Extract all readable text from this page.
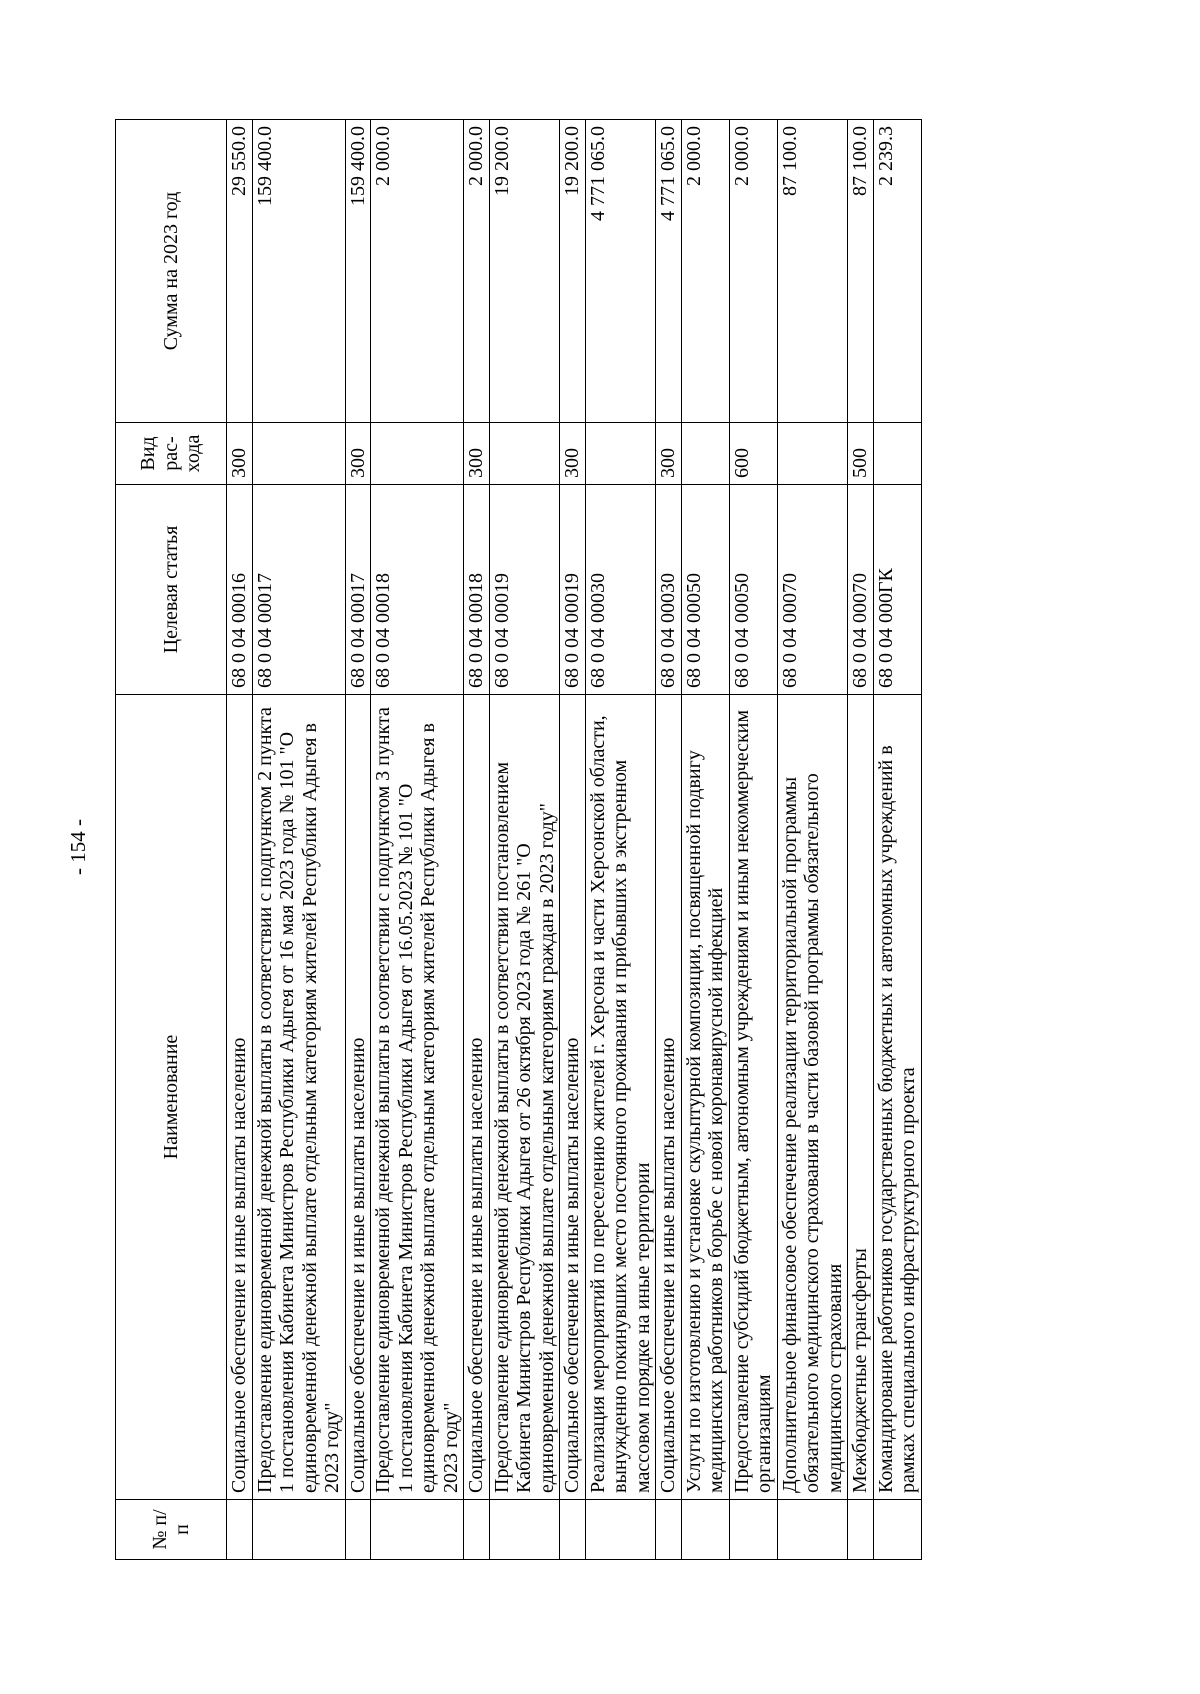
- 154 -
№ п/п	Наименование	Целевая статья	Вид рас-хода	Сумма на 2023 год
	Социальное обеспечение и иные выплаты населению	68 0 04 00016	300	29 550.0
	Предоставление единовременной денежной выплаты в соответствии с подпунктом 2 пункта 1 постановления Кабинета Министров Республики Адыгея от 16 мая 2023 года № 101 "О единовременной денежной выплате отдельным категориям жителей Республики Адыгея в 2023 году"	68 0 04 00017		159 400.0
	Социальное обеспечение и иные выплаты населению	68 0 04 00017	300	159 400.0
	Предоставление единовременной денежной выплаты в соответствии с подпунктом 3 пункта 1 постановления Кабинета Министров Республики Адыгея от 16.05.2023 № 101 "О единовременной денежной выплате отдельным категориям жителей Республики Адыгея в 2023 году"	68 0 04 00018		2 000.0
	Социальное обеспечение и иные выплаты населению	68 0 04 00018	300	2 000.0
	Предоставление единовременной денежной выплаты в соответствии постановлением Кабинета Министров Республики Адыгея от 26 октября 2023 года № 261 "О единовременной денежной выплате отдельным категориям граждан в 2023 году"	68 0 04 00019		19 200.0
	Социальное обеспечение и иные выплаты населению	68 0 04 00019	300	19 200.0
	Реализация мероприятий по переселению жителей г. Херсона и части Херсонской области, вынужденно покинувших место постоянного проживания и прибывших в экстренном массовом порядке на иные территории	68 0 04 00030		4 771 065.0
	Социальное обеспечение и иные выплаты населению	68 0 04 00030	300	4 771 065.0
	Услуги по изготовлению и установке скульптурной композиции, посвященной подвигу медицинских работников в борьбе с новой коронавирусной инфекцией	68 0 04 00050		2 000.0
	Предоставление субсидий бюджетным, автономным учреждениям и иным некоммерческим организациям	68 0 04 00050	600	2 000.0
	Дополнительное финансовое обеспечение реализации территориальной программы обязательного медицинского страхования в части базовой программы обязательного медицинского страхования	68 0 04 00070		87 100.0
	Межбюджетные трансферты	68 0 04 00070	500	87 100.0
	Командирование работников государственных бюджетных и автономных учреждений в рамках специального инфраструктурного проекта	68 0 04 000ГК		2 239.3
